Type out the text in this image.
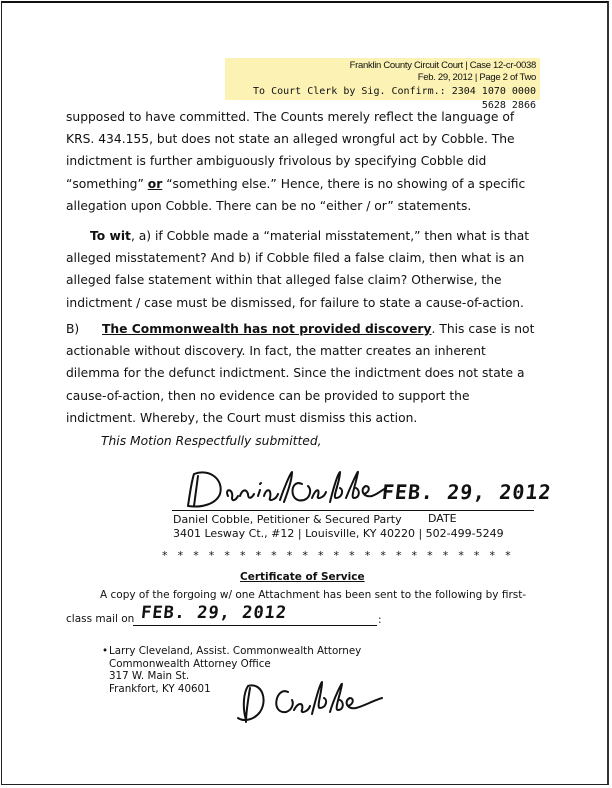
Franklin County Circuit Court | Case 12-cr-0038
Feb. 29, 2012 | Page 2 of Two
To Court Clerk by Sig. Confirm.: 2304 1070 0000 5628 2866

supposed to have committed. The Counts merely reflect the language of KRS. 434.155, but does not state an alleged wrongful act by Cobble. The indictment is further ambiguously frivolous by specifying Cobble did “something” or “something else.” Hence, there is no showing of a specific allegation upon Cobble. There can be no “either / or” statements.

To wit, a) if Cobble made a “material misstatement,” then what is that alleged misstatement? And b) if Cobble filed a false claim, then what is an alleged false statement within that alleged false claim? Otherwise, the indictment / case must be dismissed, for failure to state a cause-of-action.

B) The Commonwealth has not provided discovery. This case is not actionable without discovery. In fact, the matter creates an inherent dilemma for the defunct indictment. Since the indictment does not state a cause-of-action, then no evidence can be provided to support the indictment. Whereby, the Court must dismiss this action.

This Motion Respectfully submitted,
FEB. 29, 2012
Daniel Cobble, Petitioner & Secured Party DATE
3401 Lesway Ct., #12 | Louisville, KY 40220 | 502-499-5249
* * * * * * * * * * * * * * * * * * * * * * *
Certificate of Service
A copy of the forgoing w/ one Attachment has been sent to the following by first-
class mail on FEB. 29, 2012	:
•Larry Cleveland, Assist. Commonwealth Attorney
Commonwealth Attorney Office
317 W. Main St.
Frankfort, KY 40601
